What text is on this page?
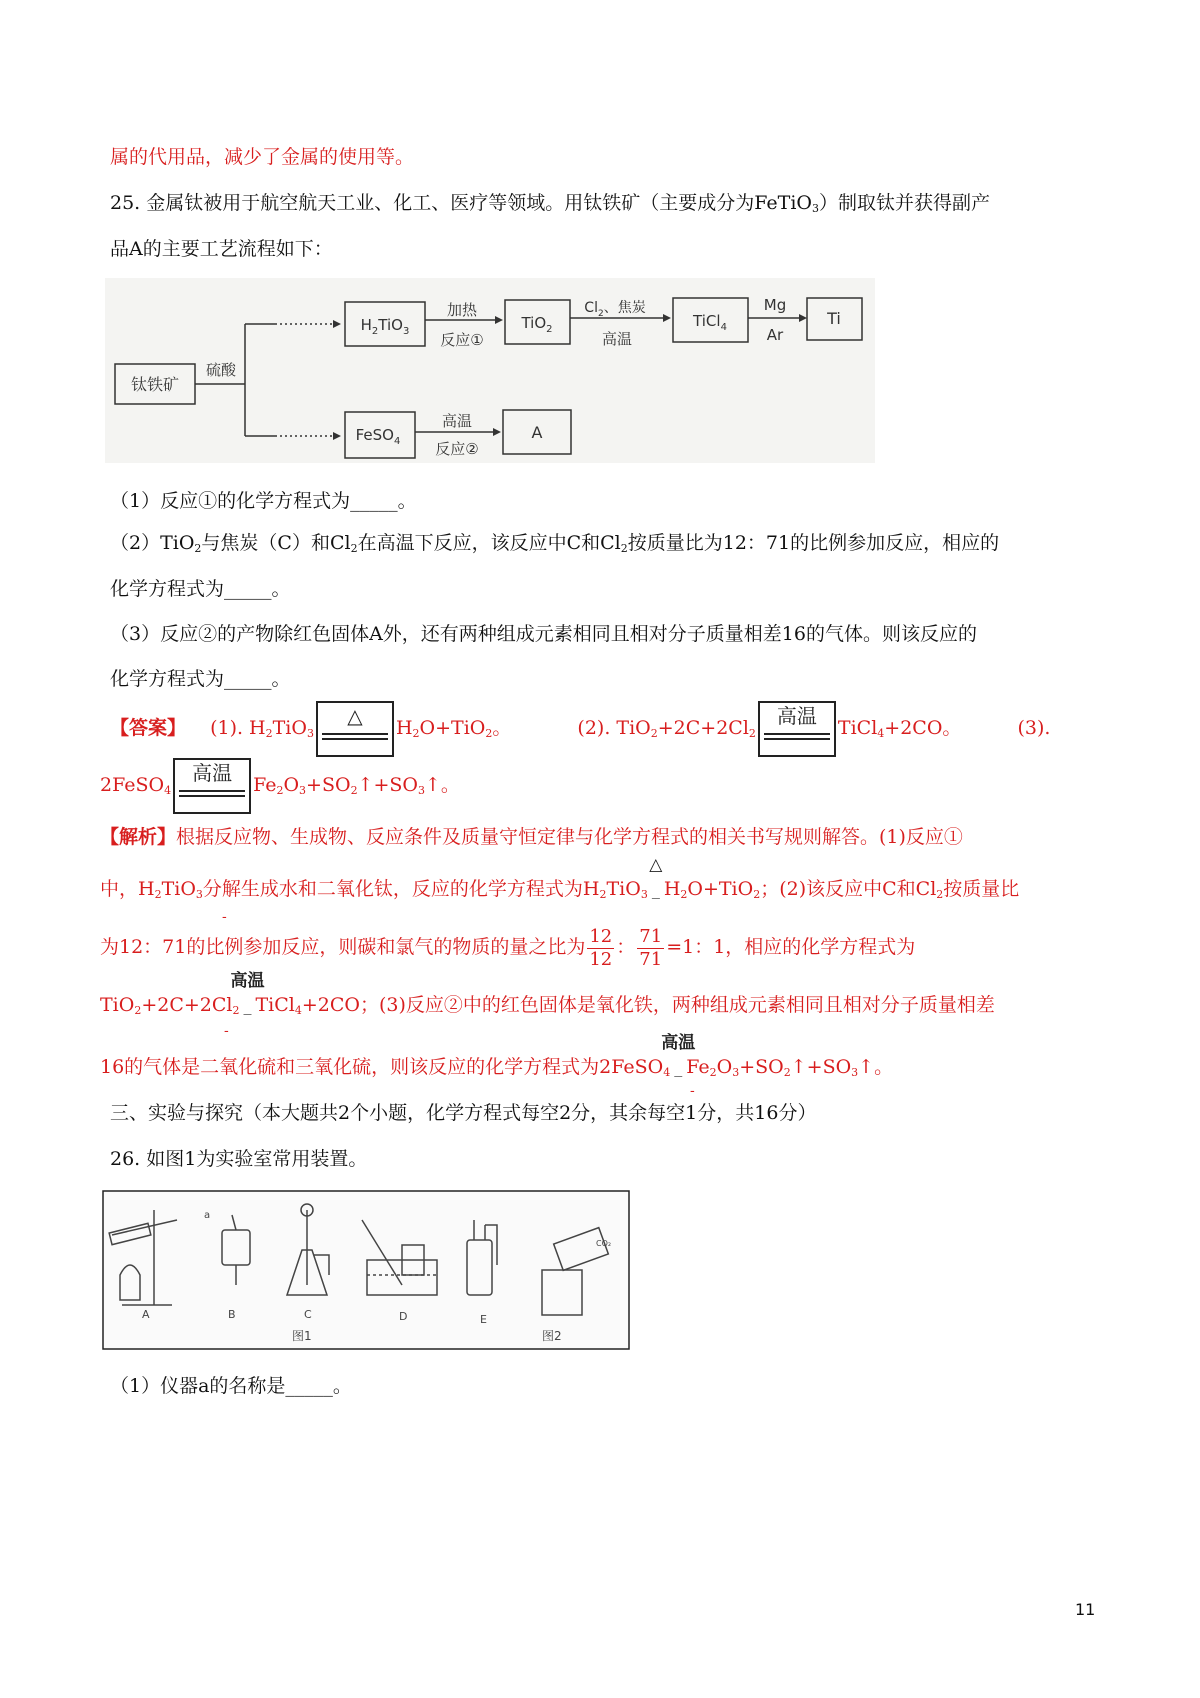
属的代用品，减少了金属的使用等。
25. 金属钛被用于航空航天工业、化工、医疗等领域。用钛铁矿（主要成分为FeTiO$_3$）制取钛并获得副产
品A的主要工艺流程如下：
钛铁矿
硫酸
$H_2TiO_3$
加热
反应①
TiO$_2$
$Cl_2$、焦炭
高温
TiCl$_4$
Mg
Ar
Ti
FeSO$_4$
高温
反应②
A
（1）反应①的化学方程式为_____。
（2）TiO$_2$与焦炭（C）和$Cl_2$在高温下反应，该反应中C和$Cl_2$按质量比为12：71的比例参加反应，相应的
化学方程式为_____。
（3）反应②的产物除红色固体A外，还有两种组成元素相同且相对分子质量相差16的气体。则该反应的
化学方程式为_____。
【答案】 (1). $H_2TiO_3$
△	$H_2O+TiO_2$。	(2). $TiO_2+2C+2Cl_2$
高温	TiCl$_4$+2CO。	(3).
2FeSO$_4$
高温	$Fe_2O_3+SO_2↑+SO_3↑$。
【解析】根据反应物、生成物、反应条件及质量守恒定律与化学方程式的相关书写规则解答。(1)反应①
中，$H_2TiO_3$分解生成水和二氧化钛，反应的化学方程式为$H_2TiO_3$
△
_ $H_2O+TiO_2$；(2)该反应中C和$Cl_2$按质量比
-
为12：71的比例参加反应，则碳和氯气的物质的量之比为 $\frac{12}{12}$ ： $\frac{71}{71} =1$：1，相应的化学方程式为
$TiO_2+2C+2Cl_2$
高温
_ TiCl$_4$+2CO；(3)反应②中的红色固体是氧化铁，两种组成元素相同且相对分子质量相差
-
16的气体是二氧化硫和三氧化硫，则该反应的化学方程式为2FeSO$_4$
高温
_ $Fe_2O_3+SO_2↑+SO_3↑$。
-
三、实验与探究（本大题共2个小题，化学方程式每空2分，其余每空1分，共16分）
26. 如图1为实验室常用装置。
a
CO₂
A	B	C	D	E
图1	图2
（1）仪器a的名称是_____。
11
